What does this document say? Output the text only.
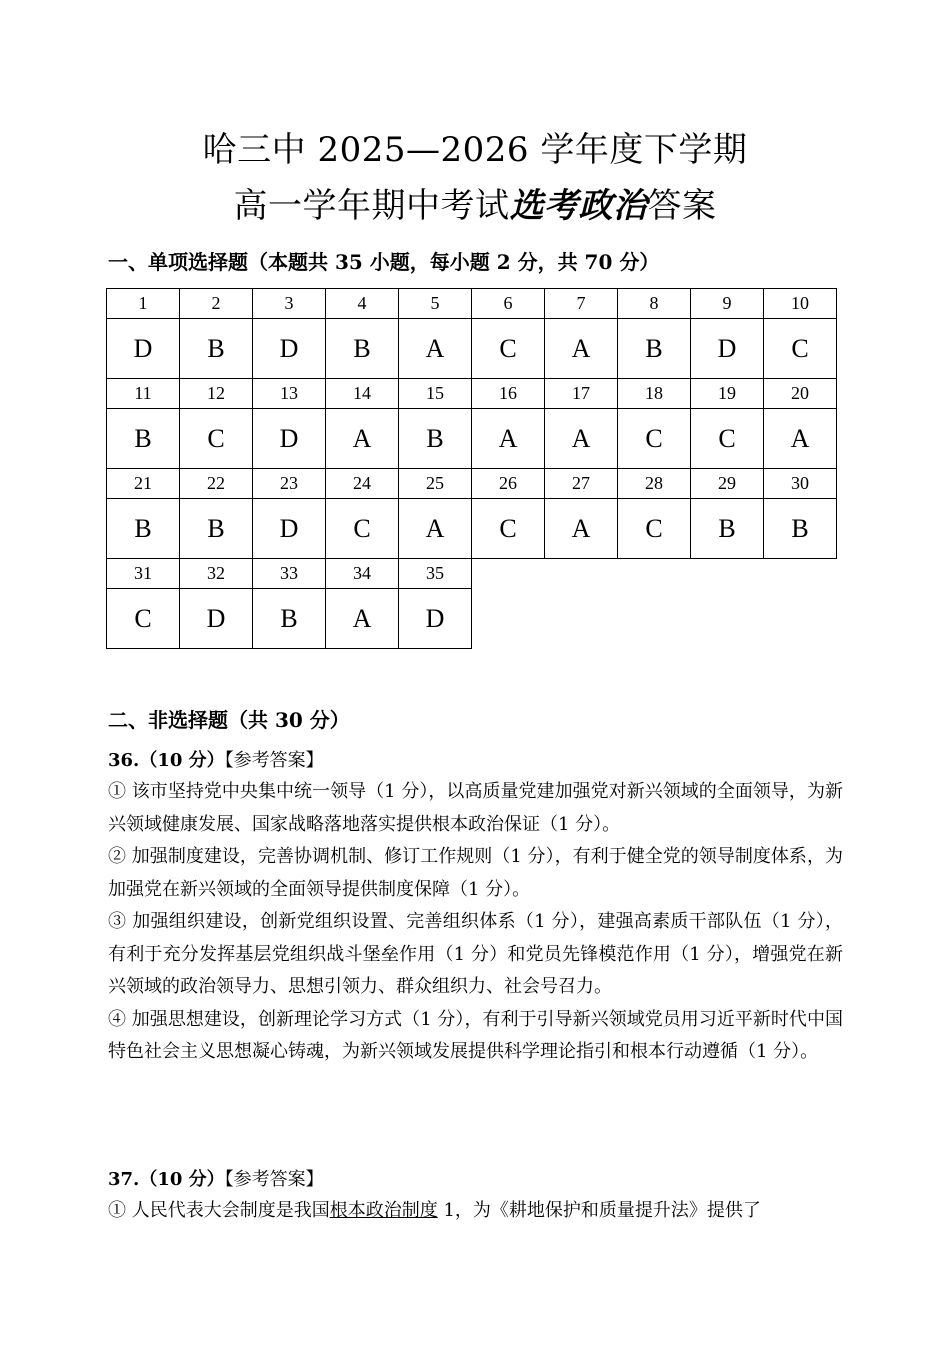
哈三中 2025—2026 学年度下学期
高一学年期中考试选考政治答案
一、单项选择题（本题共 35 小题，每小题 2 分，共 70 分）
1	2	3	4	5	6	7	8	9	10
D	B	D	B	A	C	A	B	D	C
11	12	13	14	15	16	17	18	19	20
B	C	D	A	B	A	A	C	C	A
21	22	23	24	25	26	27	28	29	30
B	B	D	C	A	C	A	C	B	B
31	32	33	34	35					
C	D	B	A	D					
二、非选择题（共 30 分）
36.（10 分）【参考答案】
① 该市坚持党中央集中统一领导（1 分），以高质量党建加强党对新兴领域的全面领导，为新兴领域健康发展、国家战略落地落实提供根本政治保证（1 分）。
② 加强制度建设，完善协调机制、修订工作规则（1 分），有利于健全党的领导制度体系，为加强党在新兴领域的全面领导提供制度保障（1 分）。
③ 加强组织建设，创新党组织设置、完善组织体系（1 分），建强高素质干部队伍（1 分），有利于充分发挥基层党组织战斗堡垒作用（1 分）和党员先锋模范作用（1 分），增强党在新兴领域的政治领导力、思想引领力、群众组织力、社会号召力。
④ 加强思想建设，创新理论学习方式（1 分），有利于引导新兴领域党员用习近平新时代中国特色社会主义思想凝心铸魂，为新兴领域发展提供科学理论指引和根本行动遵循（1 分）。
37.（10 分）【参考答案】
① 人民代表大会制度是我国根本政治制度 1，为《耕地保护和质量提升法》提供了
